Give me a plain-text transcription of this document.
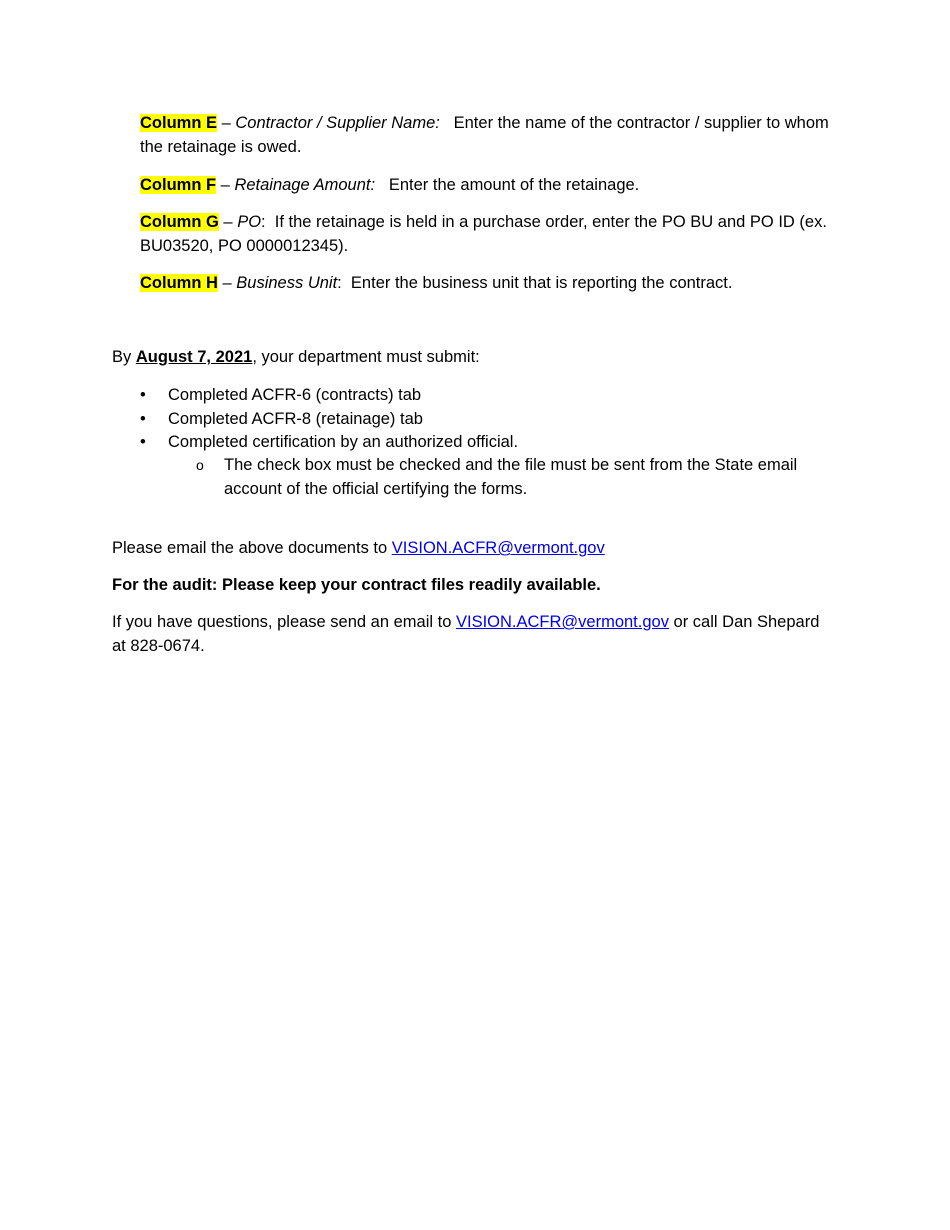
Column E – Contractor / Supplier Name:   Enter the name of the contractor / supplier to whom the retainage is owed.
Column F – Retainage Amount:   Enter the amount of the retainage.
Column G – PO:  If the retainage is held in a purchase order, enter the PO BU and PO ID (ex. BU03520, PO 0000012345).
Column H – Business Unit:  Enter the business unit that is reporting the contract.
By August 7, 2021, your department must submit:
•	Completed ACFR-6 (contracts) tab
•	Completed ACFR-8 (retainage) tab
•	Completed certification by an authorized official.
o The check box must be checked and the file must be sent from the State email account of the official certifying the forms.
Please email the above documents to VISION.ACFR@vermont.gov
For the audit: Please keep your contract files readily available.
If you have questions, please send an email to VISION.ACFR@vermont.gov or call Dan Shepard at 828-0674.
